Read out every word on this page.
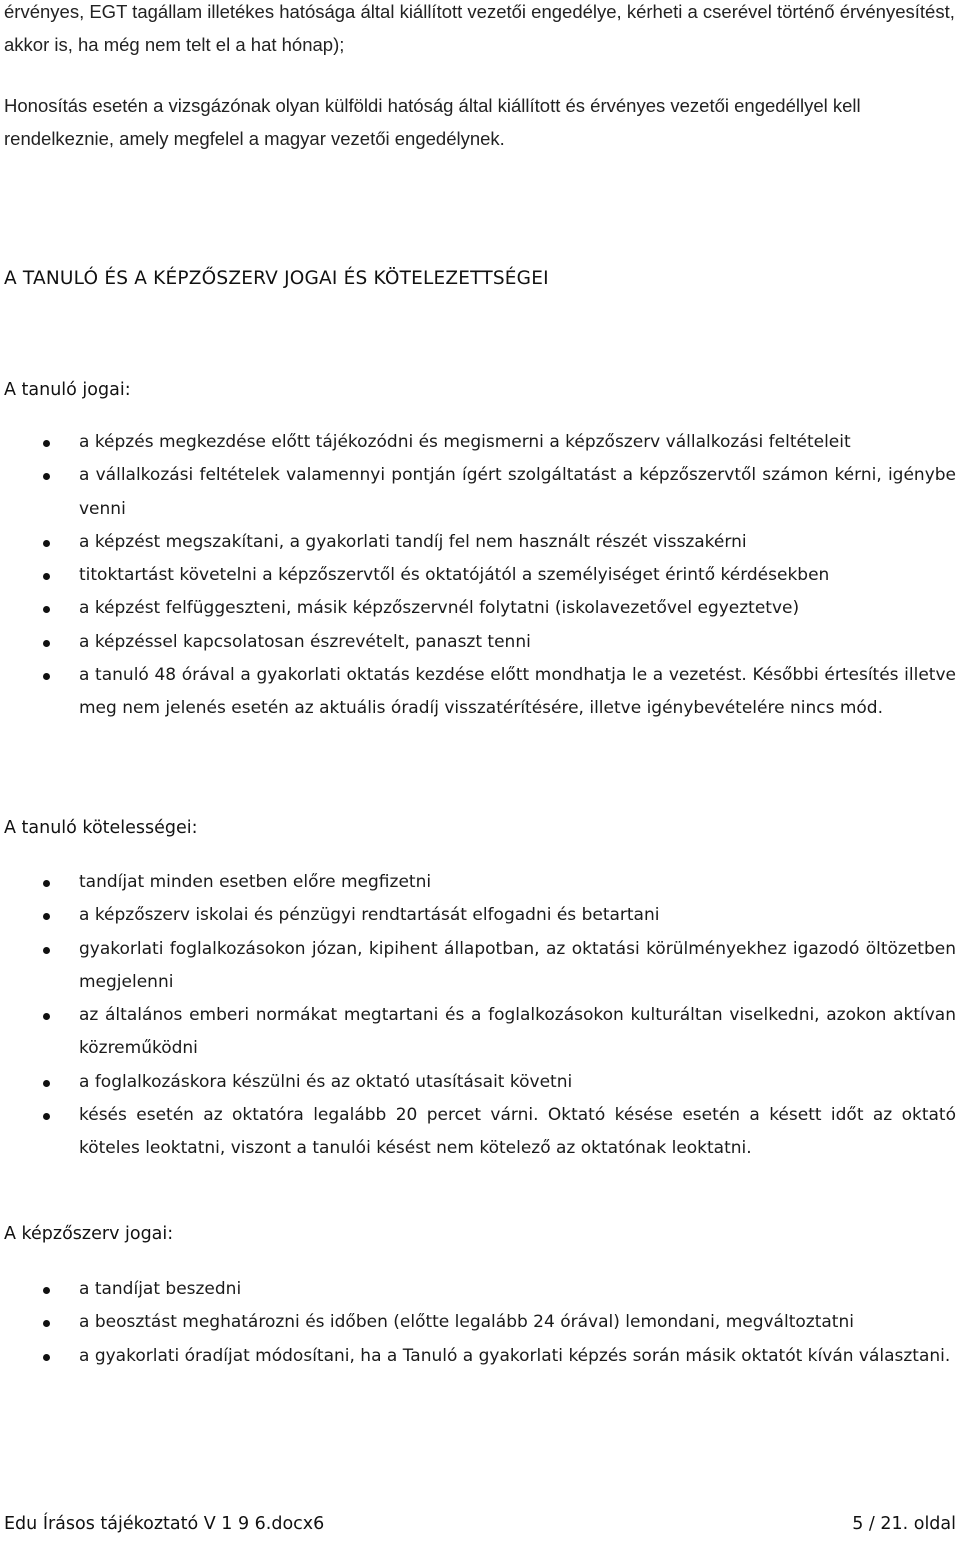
érvényes, EGT tagállam illetékes hatósága által kiállított vezetői engedélye, kérheti a cserével történő érvényesítést, akkor is, ha még nem telt el a hat hónap);

Honosítás esetén a vizsgázónak olyan külföldi hatóság által kiállított és érvényes vezetői engedéllyel kell rendelkeznie, amely megfelel a magyar vezetői engedélynek.

A TANULÓ ÉS A KÉPZŐSZERV JOGAI ÉS KÖTELEZETTSÉGEI
A tanuló jogai:
a képzés megkezdése előtt tájékozódni és megismerni a képzőszerv vállalkozási feltételeit
a vállalkozási feltételek valamennyi pontján ígért szolgáltatást a képzőszervtől számon kérni, igénybe venni
a képzést megszakítani, a gyakorlati tandíj fel nem használt részét visszakérni
titoktartást követelni a képzőszervtől és oktatójától a személyiséget érintő kérdésekben
a képzést felfüggeszteni, másik képzőszervnél folytatni (iskolavezetővel egyeztetve)
a képzéssel kapcsolatosan észrevételt, panaszt tenni
a tanuló 48 órával a gyakorlati oktatás kezdése előtt mondhatja le a vezetést. Későbbi értesítés illetve meg nem jelenés esetén az aktuális óradíj visszatérítésére, illetve igénybevételére nincs mód.
A tanuló kötelességei:
tandíjat minden esetben előre megfizetni
a képzőszerv iskolai és pénzügyi rendtartását elfogadni és betartani
gyakorlati foglalkozásokon józan, kipihent állapotban, az oktatási körülményekhez igazodó öltözetben megjelenni
az általános emberi normákat megtartani és a foglalkozásokon kulturáltan viselkedni, azokon aktívan közreműködni
a foglalkozáskora készülni és az oktató utasításait követni
késés esetén az oktatóra legalább 20 percet várni. Oktató késése esetén a késett időt az oktató köteles leoktatni, viszont a tanulói késést nem kötelező az oktatónak leoktatni.
A képzőszerv jogai:
a tandíjat beszedni
a beosztást meghatározni és időben (előtte legalább 24 órával) lemondani, megváltoztatni
a gyakorlati óradíjat módosítani, ha a Tanuló a gyakorlati képzés során másik oktatót kíván választani.
Edu Írásos tájékoztató V 1 9 6.docx6	5 / 21. oldal
